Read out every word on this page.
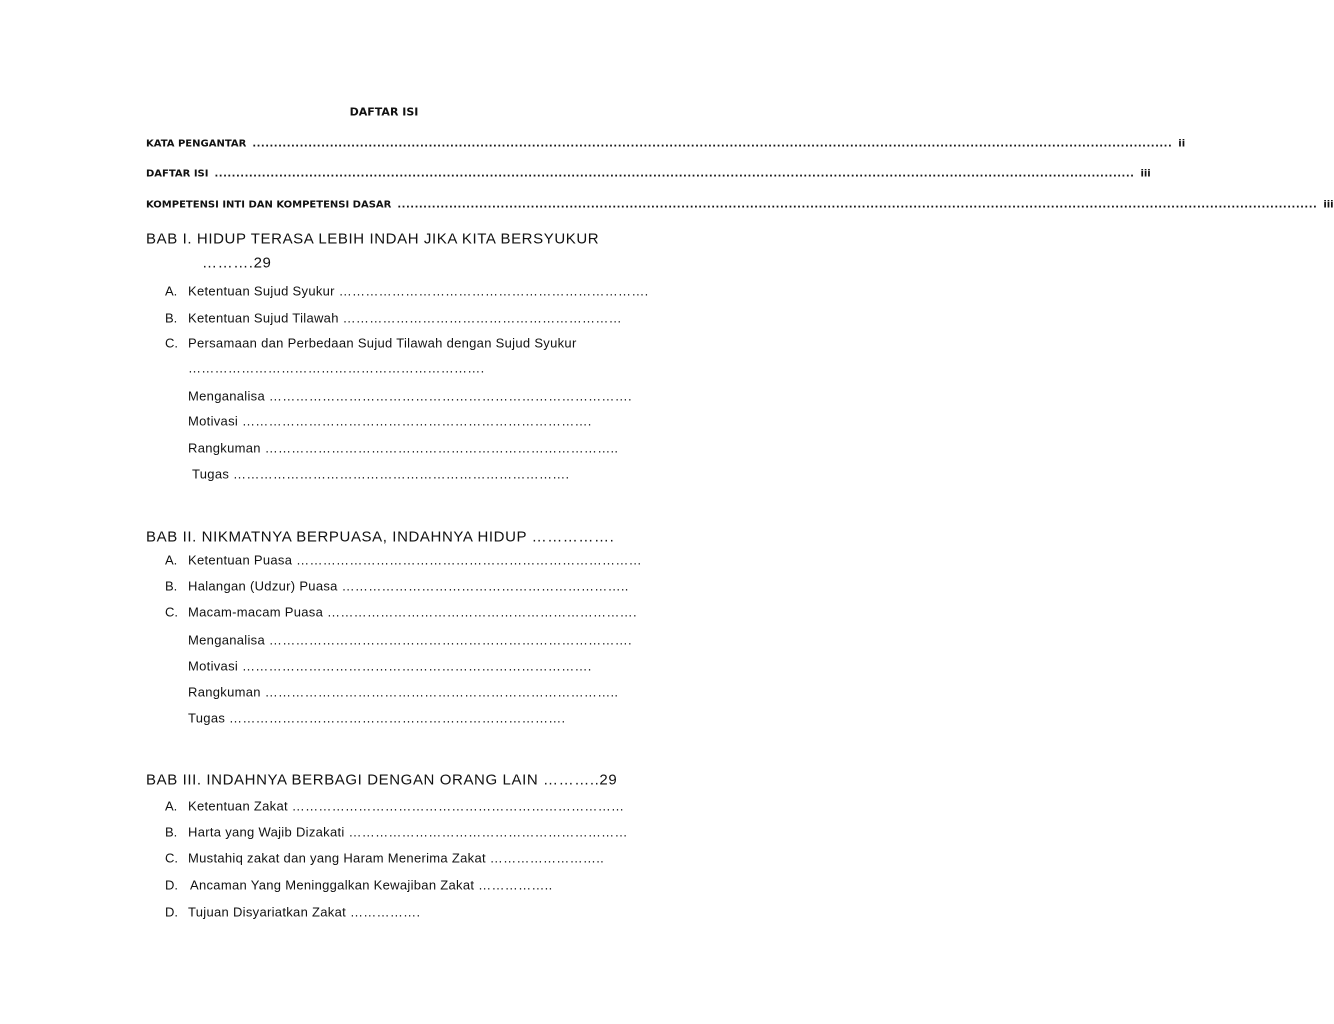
DAFTAR ISI
KATA PENGANTAR ...................................................................................................................................................................................................................... ii
DAFTAR ISI ...................................................................................................................................................................................................................... iii
KOMPETENSI INTI DAN KOMPETENSI DASAR ...................................................................................................................................................................................................................... iii
BAB I. HIDUP TERASA LEBIH INDAH JIKA KITA BERSYUKUR
……….29
A. Ketentuan Sujud Syukur …………………………………………………………….
B. Ketentuan Sujud Tilawah ………………………………………………………
C. Persamaan dan Perbedaan Sujud Tilawah dengan Sujud Syukur
………………………………………………………….
Menganalisa ……………………………………………………………………….
Motivasi …………………………………………………………………….
Rangkuman ……………………………………………………………………..
Tugas ………………………………………………………………….
BAB II. NIKMATNYA BERPUASA, INDAHNYA HIDUP …………….
A. Ketentuan Puasa ……………………………………………………………………
B. Halangan (Udzur) Puasa ………………………………………………………..
C. Macam-macam Puasa …………………………………………………………….
Menganalisa ……………………………………………………………………….
Motivasi …………………………………………………………………….
Rangkuman ……………………………………………………………………..
Tugas ………………………………………………………………….
BAB III. INDAHNYA BERBAGI DENGAN ORANG LAIN ………..29
A. Ketentuan Zakat …………………………………………………………………
B. Harta yang Wajib Dizakati ………………………………………………………
C. Mustahiq zakat dan yang Haram Menerima Zakat ……………………..
D. Ancaman Yang Meninggalkan Kewajiban Zakat ……………..
D. Tujuan Disyariatkan Zakat …………….
